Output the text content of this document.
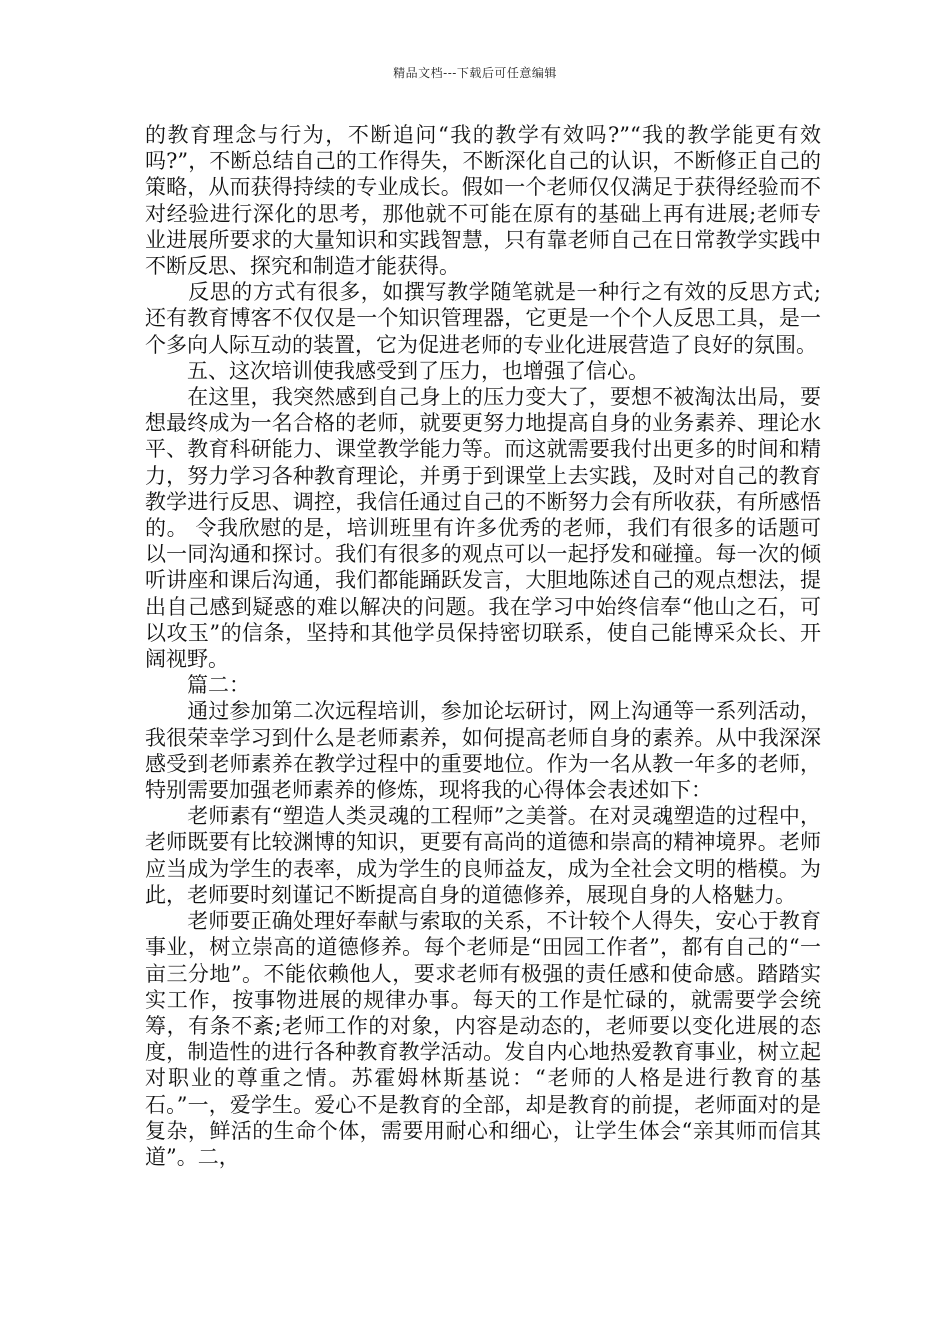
精品文档---下载后可任意编辑

的教育理念与行为，不断追问“我的教学有效吗?”“我的教学能更有效吗?”，不断总结自己的工作得失，不断深化自己的认识，不断修正自己的策略，从而获得持续的专业成长。假如一个老师仅仅满足于获得经验而不对经验进行深化的思考，那他就不可能在原有的基础上再有进展;老师专业进展所要求的大量知识和实践智慧，只有靠老师自己在日常教学实践中不断反思、探究和制造才能获得。

　　反思的方式有很多，如撰写教学随笔就是一种行之有效的反思方式;还有教育博客不仅仅是一个知识管理器，它更是一个个人反思工具，是一个多向人际互动的装置，它为促进老师的专业化进展营造了良好的氛围。

　　五、这次培训使我感受到了压力，也增强了信心。

　　在这里，我突然感到自己身上的压力变大了，要想不被淘汰出局，要想最终成为一名合格的老师，就要更努力地提高自身的业务素养、理论水平、教育科研能力、课堂教学能力等。而这就需要我付出更多的时间和精力，努力学习各种教育理论，并勇于到课堂上去实践，及时对自己的教育教学进行反思、调控，我信任通过自己的不断努力会有所收获，有所感悟的。 令我欣慰的是，培训班里有许多优秀的老师，我们有很多的话题可以一同沟通和探讨。我们有很多的观点可以一起抒发和碰撞。每一次的倾听讲座和课后沟通，我们都能踊跃发言，大胆地陈述自己的观点想法，提出自己感到疑惑的难以解决的问题。我在学习中始终信奉“他山之石，可以攻玉”的信条，坚持和其他学员保持密切联系，使自己能博采众长、开阔视野。

　　篇二：

　　通过参加第二次远程培训，参加论坛研讨，网上沟通等一系列活动，我很荣幸学习到什么是老师素养，如何提高老师自身的素养。从中我深深感受到老师素养在教学过程中的重要地位。作为一名从教一年多的老师，特别需要加强老师素养的修炼，现将我的心得体会表述如下：

　　老师素有“塑造人类灵魂的工程师”之美誉。在对灵魂塑造的过程中，老师既要有比较渊博的知识，更要有高尚的道德和崇高的精神境界。老师应当成为学生的表率，成为学生的良师益友，成为全社会文明的楷模。为此，老师要时刻谨记不断提高自身的道德修养，展现自身的人格魅力。

　　老师要正确处理好奉献与索取的关系，不计较个人得失，安心于教育事业，树立崇高的道德修养。每个老师是“田园工作者”，都有自己的“一亩三分地”。不能依赖他人，要求老师有极强的责任感和使命感。踏踏实实工作，按事物进展的规律办事。每天的工作是忙碌的，就需要学会统筹，有条不紊;老师工作的对象，内容是动态的，老师要以变化进展的态度，制造性的进行各种教育教学活动。发自内心地热爱教育事业，树立起对职业的尊重之情。苏霍姆林斯基说：“老师的人格是进行教育的基石。”一，爱学生。爱心不是教育的全部，却是教育的前提，老师面对的是复杂，鲜活的生命个体，需要用耐心和细心，让学生体会“亲其师而信其道”。二，
